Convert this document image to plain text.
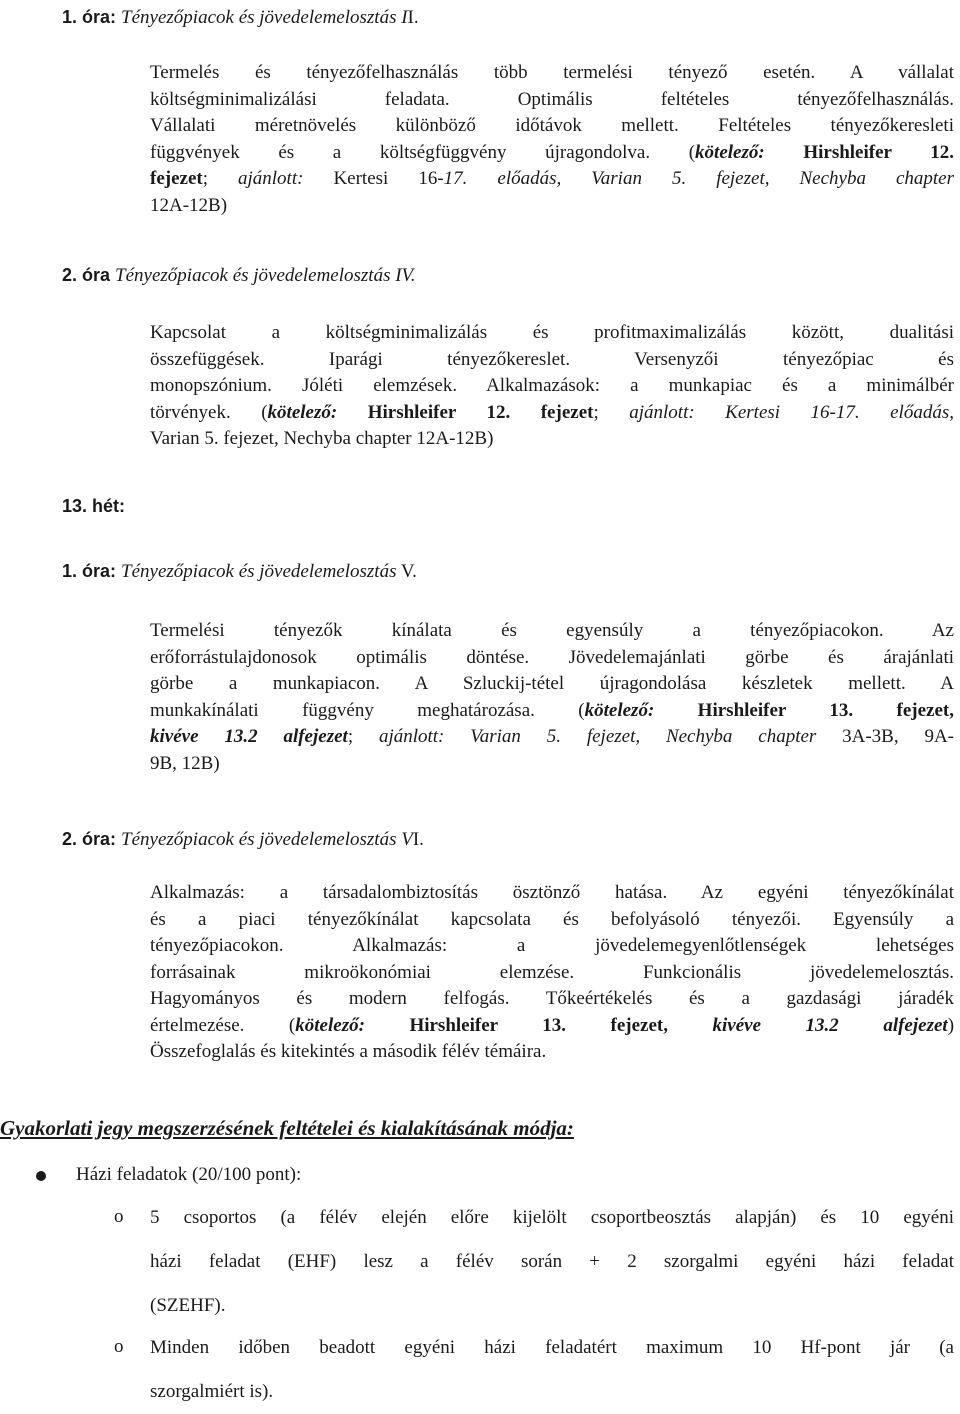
1. óra: Tényezőpiacok és jövedelemelosztás II.
Termelés és tényezőfelhasználás több termelési tényező esetén. A vállalat
költségminimalizálási feladata. Optimális feltételes tényezőfelhasználás.
Vállalati méretnövelés különböző időtávok mellett. Feltételes tényezőkeresleti
függvények és a költségfüggvény újragondolva. (kötelező: Hirshleifer 12.
fejezet; ajánlott: Kertesi 16-17. előadás, Varian 5. fejezet, Nechyba chapter
12A-12B)
2. óra Tényezőpiacok és jövedelemelosztás IV.
Kapcsolat a költségminimalizálás és profitmaximalizálás között, dualitási
összefüggések. Iparági tényezőkereslet. Versenyzői tényezőpiac és
monopszónium. Jóléti elemzések. Alkalmazások: a munkapiac és a minimálbér
törvények. (kötelező: Hirshleifer 12. fejezet; ajánlott: Kertesi 16-17. előadás,
Varian 5. fejezet, Nechyba chapter 12A-12B)
13. hét:
1. óra: Tényezőpiacok és jövedelemelosztás V.
Termelési tényezők kínálata és egyensúly a tényezőpiacokon. Az
erőforrástulajdonosok optimális döntése. Jövedelemajánlati görbe és árajánlati
görbe a munkapiacon. A Szluckij-tétel újragondolása készletek mellett. A
munkakínálati függvény meghatározása. (kötelező: Hirshleifer 13. fejezet,
kivéve 13.2 alfejezet; ajánlott: Varian 5. fejezet, Nechyba chapter 3A-3B, 9A-
9B, 12B)
2. óra: Tényezőpiacok és jövedelemelosztás VI.
Alkalmazás: a társadalombiztosítás ösztönző hatása. Az egyéni tényezőkínálat
és a piaci tényezőkínálat kapcsolata és befolyásoló tényezői. Egyensúly a
tényezőpiacokon. Alkalmazás: a jövedelemegyenlőtlenségek lehetséges
forrásainak mikroökonómiai elemzése. Funkcionális jövedelemelosztás.
Hagyományos és modern felfogás. Tőkeértékelés és a gazdasági járadék
értelmezése. (kötelező: Hirshleifer 13. fejezet, kivéve 13.2 alfejezet)
Összefoglalás és kitekintés a második félév témáira.
Gyakorlati jegy megszerzésének feltételei és kialakításának módja:
Házi feladatok (20/100 pont):
o 5 csoportos (a félév elején előre kijelölt csoportbeosztás alapján) és 10 egyéni
házi feladat (EHF) lesz a félév során + 2 szorgalmi egyéni házi feladat
(SZEHF).
o Minden időben beadott egyéni házi feladatért maximum 10 Hf-pont jár (a
szorgalmiért is).
